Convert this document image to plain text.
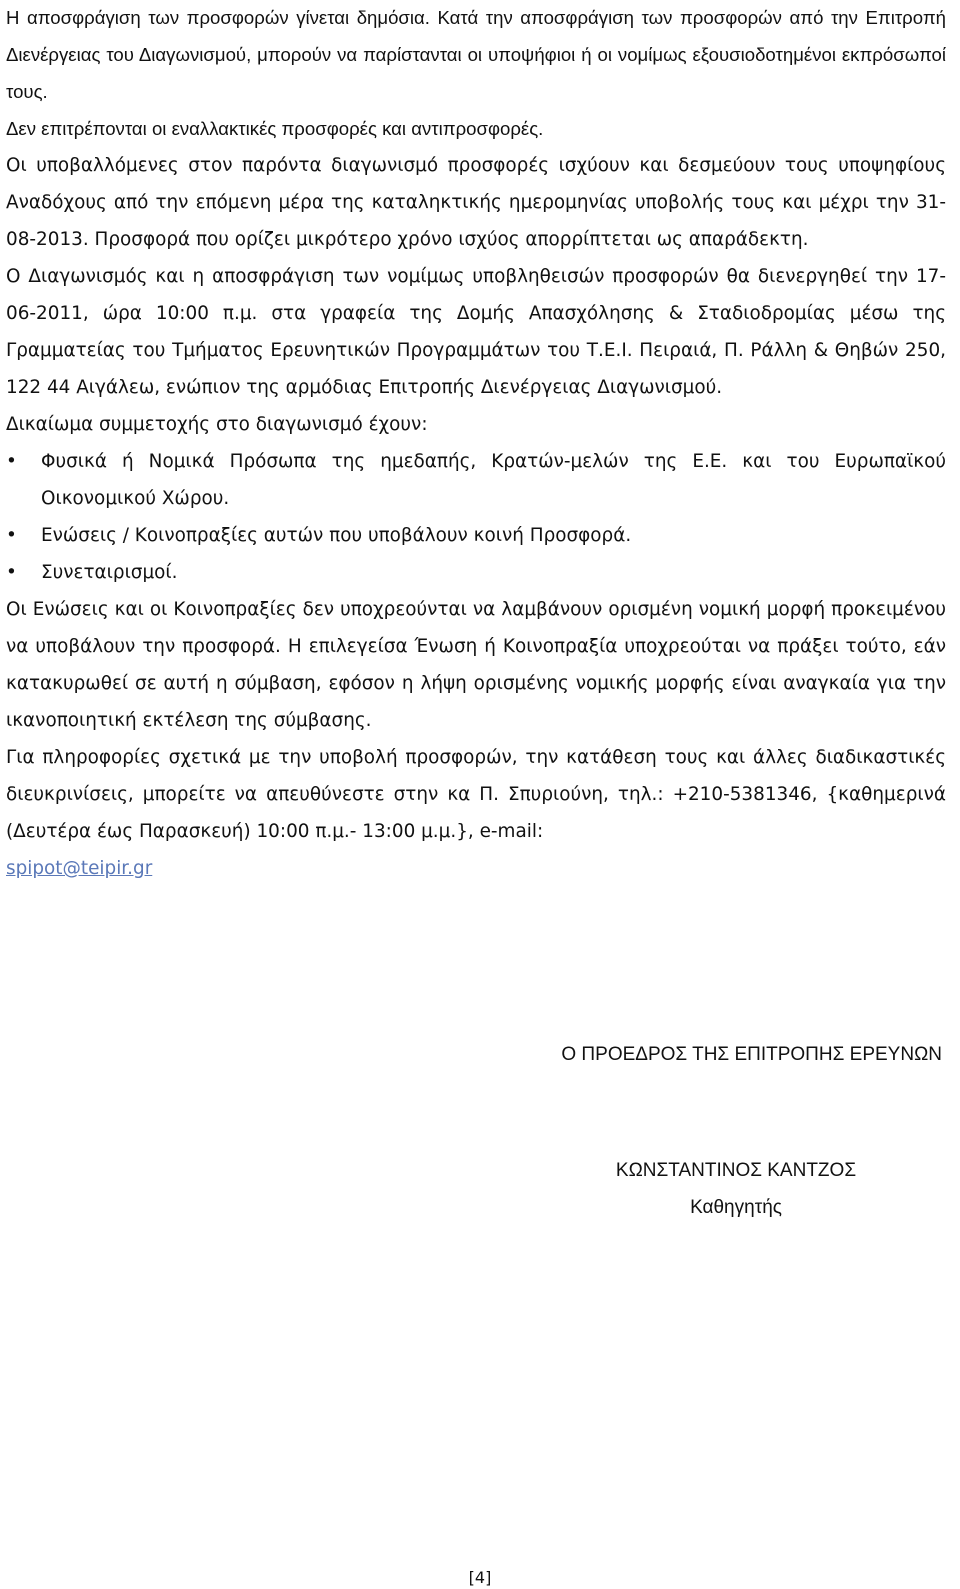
Η αποσφράγιση των προσφορών γίνεται δημόσια. Κατά την αποσφράγιση των προσφορών από την Επιτροπή Διενέργειας του Διαγωνισμού, μπορούν να παρίστανται οι υποψήφιοι ή οι νομίμως εξουσιοδοτημένοι εκπρόσωποί τους.

Δεν επιτρέπονται οι εναλλακτικές προσφορές και αντιπροσφορές.

Οι υποβαλλόμενες στον παρόντα διαγωνισμό προσφορές ισχύουν και δεσμεύουν τους υποψηφίους Αναδόχους από την επόμενη μέρα της καταληκτικής ημερομηνίας υποβολής τους και μέχρι την 31-08-2013. Προσφορά που ορίζει μικρότερο χρόνο ισχύος απορρίπτεται ως απαράδεκτη.

Ο Διαγωνισμός και η αποσφράγιση των νομίμως υποβληθεισών προσφορών θα διενεργηθεί την 17-06-2011, ώρα 10:00 π.μ. στα γραφεία της Δομής Απασχόλησης & Σταδιοδρομίας μέσω της Γραμματείας του Τμήματος Ερευνητικών Προγραμμάτων του Τ.Ε.Ι. Πειραιά, Π. Ράλλη & Θηβών 250, 122 44 Αιγάλεω, ενώπιον της αρμόδιας Επιτροπής Διενέργειας Διαγωνισμού.

Δικαίωμα συμμετοχής στο διαγωνισμό έχουν:

•	Φυσικά ή Νομικά Πρόσωπα της ημεδαπής, Κρατών-μελών της Ε.Ε. και του Ευρωπαϊκού Οικονομικού Χώρου.
•	Ενώσεις / Κοινοπραξίες αυτών που υποβάλουν κοινή Προσφορά.
•	Συνεταιρισμοί.

Οι Ενώσεις και οι Κοινοπραξίες δεν υποχρεούνται να λαμβάνουν ορισμένη νομική μορφή προκειμένου να υποβάλουν την προσφορά. Η επιλεγείσα Ένωση ή Κοινοπραξία υποχρεούται να πράξει τούτο, εάν κατακυρωθεί σε αυτή η σύμβαση, εφόσον η λήψη ορισμένης νομικής μορφής είναι αναγκαία για την ικανοποιητική εκτέλεση της σύμβασης.

Για πληροφορίες σχετικά με την υποβολή προσφορών, την κατάθεση τους και άλλες διαδικαστικές διευκρινίσεις, μπορείτε να απευθύνεστε στην κα Π. Σπυριούνη, τηλ.: +210-5381346, {καθημερινά (Δευτέρα έως Παρασκευή) 10:00 π.μ.- 13:00 μ.μ.}, e-mail:
spipot@teipir.gr

Ο ΠΡΟΕΔΡΟΣ ΤΗΣ ΕΠΙΤΡΟΠΗΣ ΕΡΕΥΝΩΝ
ΚΩΝΣΤΑΝΤΙΝΟΣ ΚΑΝΤΖΟΣ
Καθηγητής
[4]
